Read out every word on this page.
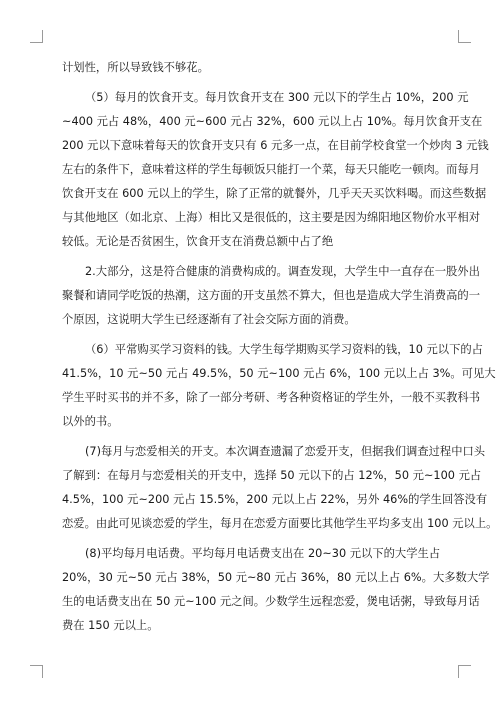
计划性，所以导致钱不够花。
（5）每月的饮食开支。每月饮食开支在 300 元以下的学生占 10%，200 元
~400 元占 48%，400 元~600 元占 32%，600 元以上占 10%。每月饮食开支在
200 元以下意味着每天的饮食开支只有 6 元多一点，在目前学校食堂一个炒肉 3 元钱
左右的条件下，意味着这样的学生每顿饭只能打一个菜，每天只能吃一顿肉。而每月
饮食开支在 600 元以上的学生，除了正常的就餐外，几乎天天买饮料喝。而这些数据
与其他地区（如北京、上海）相比又是很低的，这主要是因为绵阳地区物价水平相对
较低。无论是否贫困生，饮食开支在消费总额中占了绝
2.大部分，这是符合健康的消费构成的。调查发现，大学生中一直存在一股外出
聚餐和请同学吃饭的热潮，这方面的开支虽然不算大，但也是造成大学生消费高的一
个原因，这说明大学生已经逐渐有了社会交际方面的消费。
（6）平常购买学习资料的钱。大学生每学期购买学习资料的钱，10 元以下的占
41.5%，10 元~50 元占 49.5%，50 元~100 元占 6%，100 元以上占 3%。可见大
学生平时买书的并不多，除了一部分考研、考各种资格证的学生外，一般不买教科书
以外的书。
(7)每月与恋爱相关的开支。本次调查遗漏了恋爱开支，但据我们调查过程中口头
了解到：在每月与恋爱相关的开支中，选择 50 元以下的占 12%，50 元~100 元占
4.5%，100 元~200 元占 15.5%，200 元以上占 22%，另外 46%的学生回答没有
恋爱。由此可见谈恋爱的学生，每月在恋爱方面要比其他学生平均多支出 100 元以上。
(8)平均每月电话费。平均每月电话费支出在 20~30 元以下的大学生占
20%，30 元~50 元占 38%，50 元~80 元占 36%，80 元以上占 6%。大多数大学
生的电话费支出在 50 元~100 元之间。少数学生远程恋爱，煲电话粥，导致每月话
费在 150 元以上。
